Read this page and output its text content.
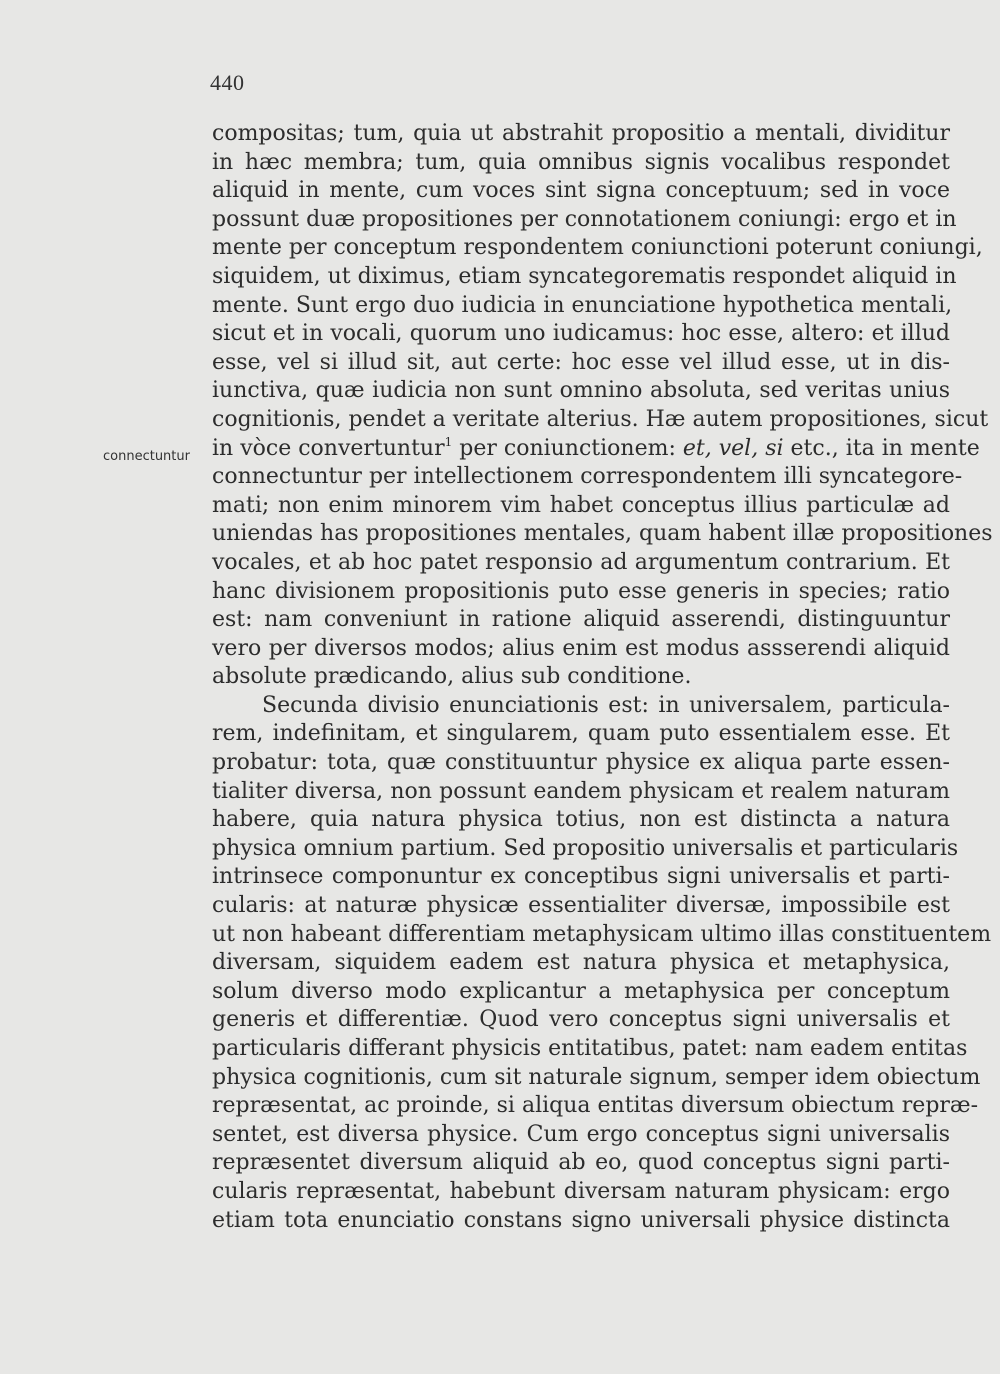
440
connectuntur
compositas; tum, quia ut abstrahit propositio a mentali, dividitur
in hæc membra; tum, quia omnibus signis vocalibus respondet
aliquid in mente, cum voces sint signa conceptuum; sed in voce
possunt duæ propositiones per connotationem coniungi: ergo et in
mente per conceptum respondentem coniunctioni poterunt coniungi,
siquidem, ut diximus, etiam syncategorematis respondet aliquid in
mente. Sunt ergo duo iudicia in enunciatione hypothetica mentali,
sicut et in vocali, quorum uno iudicamus: hoc esse, altero: et illud
esse, vel si illud sit, aut certe: hoc esse vel illud esse, ut in dis-
iunctiva, quæ iudicia non sunt omnino absoluta, sed veritas unius
cognitionis, pendet a veritate alterius. Hæ autem propositiones, sicut
in vòce convertuntur$^1$ per coniunctionem: et, vel, si etc., ita in mente
connectuntur per intellectionem correspondentem illi syncategore-
mati; non enim minorem vim habet conceptus illius particulæ ad
uniendas has propositiones mentales, quam habent illæ propositiones
vocales, et ab hoc patet responsio ad argumentum contrarium. Et
hanc divisionem propositionis puto esse generis in species; ratio
est: nam conveniunt in ratione aliquid asserendi, distinguuntur
vero per diversos modos; alius enim est modus assserendi aliquid
absolute prædicando, alius sub conditione.
Secunda divisio enunciationis est: in universalem, particula-
rem, indefinitam, et singularem, quam puto essentialem esse. Et
probatur: tota, quæ constituuntur physice ex aliqua parte essen-
tialiter diversa, non possunt eandem physicam et realem naturam
habere, quia natura physica totius, non est distincta a natura
physica omnium partium. Sed propositio universalis et particularis
intrinsece componuntur ex conceptibus signi universalis et parti-
cularis: at naturæ physicæ essentialiter diversæ, impossibile est
ut non habeant differentiam metaphysicam ultimo illas constituentem
diversam, siquidem eadem est natura physica et metaphysica,
solum diverso modo explicantur a metaphysica per conceptum
generis et differentiæ. Quod vero conceptus signi universalis et
particularis differant physicis entitatibus, patet: nam eadem entitas
physica cognitionis, cum sit naturale signum, semper idem obiectum
repræsentat, ac proinde, si aliqua entitas diversum obiectum repræ-
sentet, est diversa physice. Cum ergo conceptus signi universalis
repræsentet diversum aliquid ab eo, quod conceptus signi parti-
cularis repræsentat, habebunt diversam naturam physicam: ergo
etiam tota enunciatio constans signo universali physice distincta
